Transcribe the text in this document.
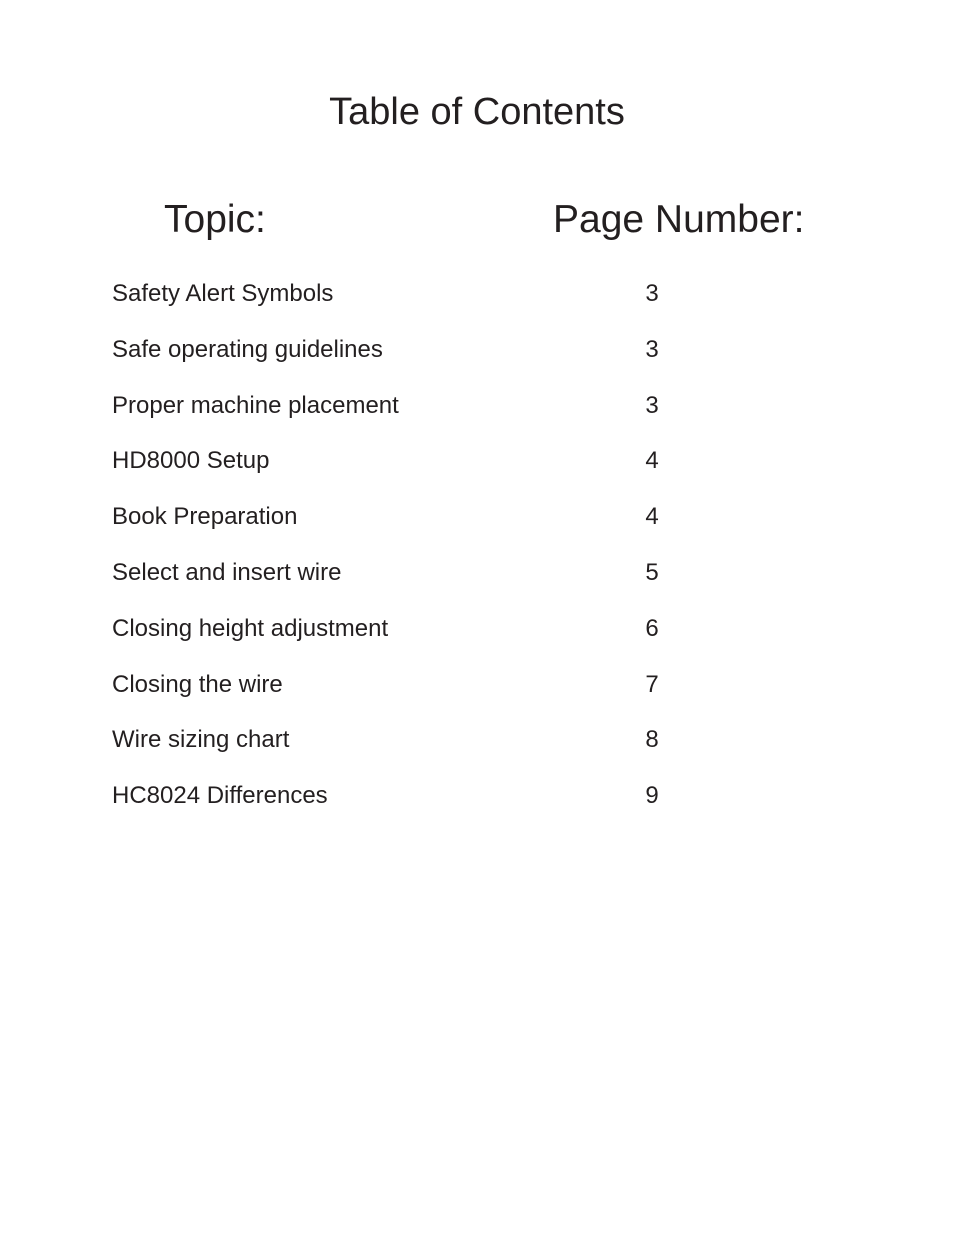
Table of Contents
Topic:	Page Number:
Safety Alert Symbols	3
Safe operating guidelines	3
Proper machine placement	3
HD8000 Setup	4
Book Preparation	4
Select and insert wire	5
Closing height adjustment	6
Closing the wire	7
Wire sizing chart	8
HC8024 Differences	9
